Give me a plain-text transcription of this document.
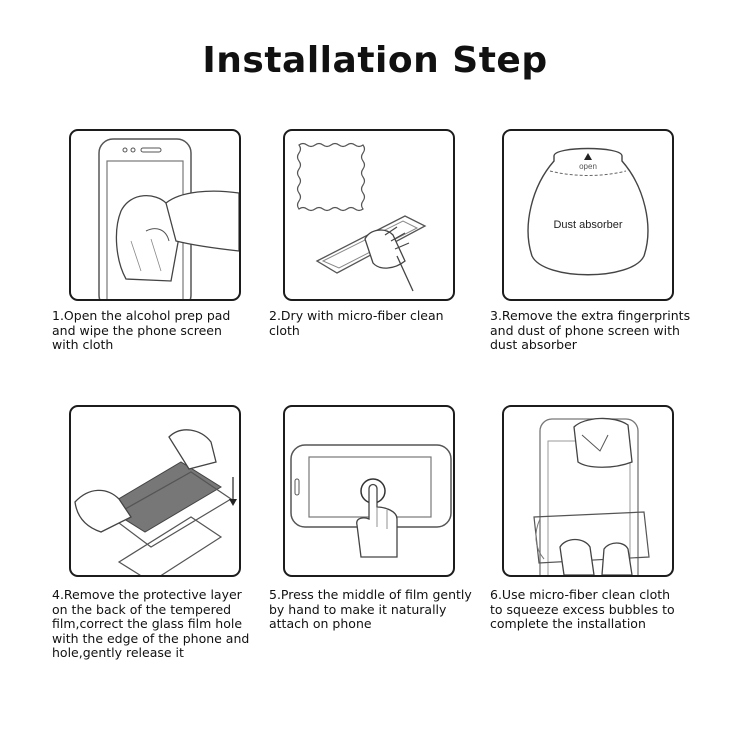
Installation Step
1.Open the alcohol prep pad
and wipe the phone screen
with cloth
2.Dry with micro-fiber clean
cloth
open
Dust absorber
3.Remove the extra fingerprints
and dust of phone screen with
dust absorber
4.Remove the protective layer
on the back of the tempered
film,correct the glass film hole
with the edge of the phone and
hole,gently release it
5.Press the middle of film gently
by hand to make it naturally
attach on phone
6.Use micro-fiber clean cloth
to squeeze excess bubbles to
complete the installation
